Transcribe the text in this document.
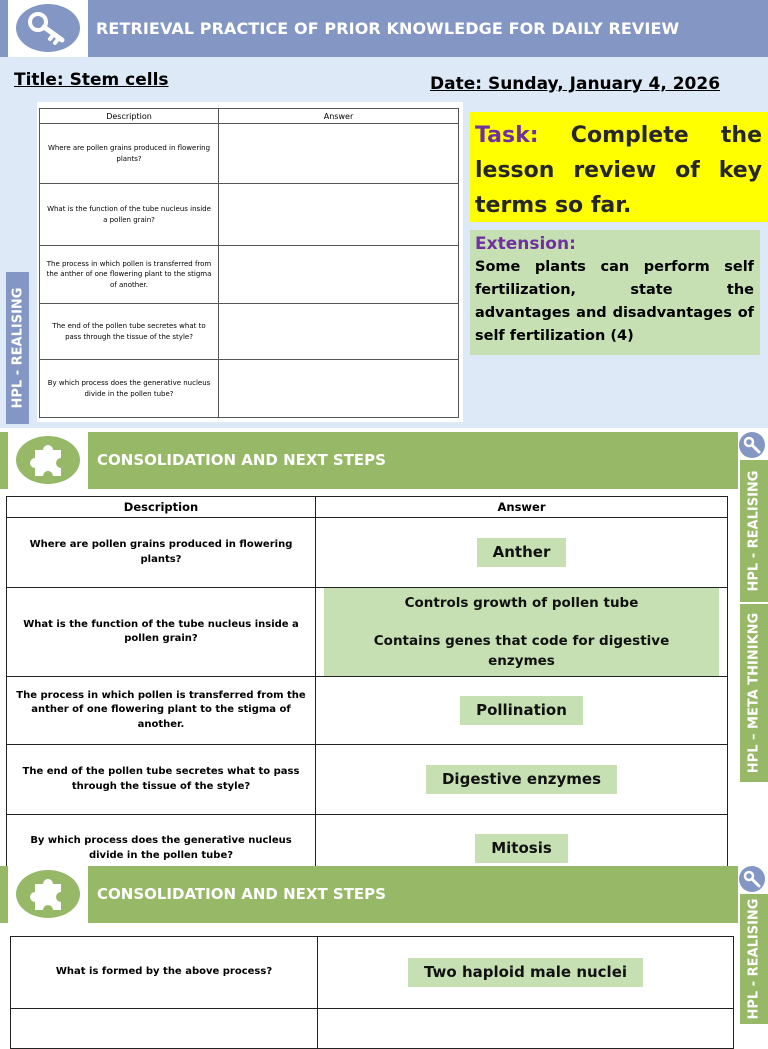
RETRIEVAL PRACTICE OF PRIOR KNOWLEDGE FOR DAILY REVIEW
Title: Stem cells	Date: Sunday, January 4, 2026
HPL - REALISING
Description	Answer
Where are pollen grains produced in flowering plants?	
What is the function of the tube nucleus inside a pollen grain?	
The process in which pollen is transferred from the anther of one flowering plant to the stigma of another.	
The end of the pollen tube secretes what to pass through the tissue of the style?	
By which process does the generative nucleus divide in the pollen tube?	

Task: Complete the lesson review of key terms so far.

Extension:
Some plants can perform self fertilization, state the advantages and disadvantages of self fertilization (4)
CONSOLIDATION AND NEXT STEPS
HPL - REALISING
HPL – META THINIKNG
Description	Answer
Where are pollen grains produced in flowering plants?	Anther
What is the function of the tube nucleus inside a pollen grain?	Controls growth of pollen tube
Contains genes that code for digestive enzymes

The process in which pollen is transferred from the anther of one flowering plant to the stigma of another.	Pollination
The end of the pollen tube secretes what to pass through the tissue of the style?	Digestive enzymes
By which process does the generative nucleus divide in the pollen tube?	Mitosis
CONSOLIDATION AND NEXT STEPS
HPL - REALISING
What is formed by the above process?	Two haploid male nuclei
